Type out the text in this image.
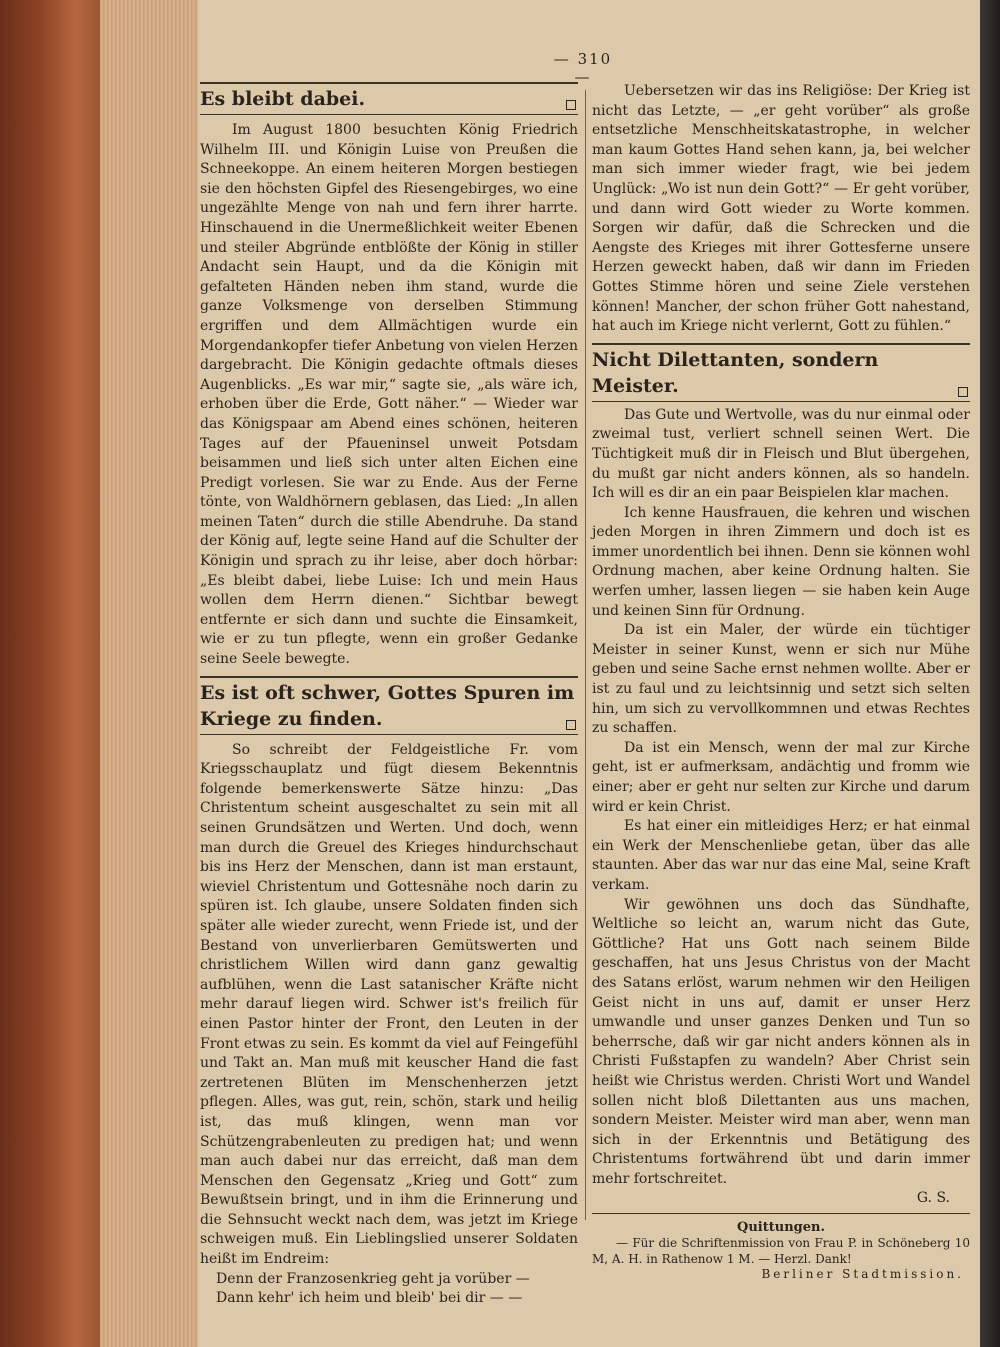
— 310 —
Es bleibt dabei.

Im August 1800 besuchten König Friedrich Wilhelm III. und Königin Luise von Preußen die Schneekoppe. An einem heiteren Morgen bestiegen sie den höchsten Gipfel des Riesengebirges, wo eine ungezählte Menge von nah und fern ihrer harrte. Hinschauend in die Unermeßlichkeit weiter Ebenen und steiler Abgründe entblößte der König in stiller Andacht sein Haupt, und da die Königin mit gefalteten Händen neben ihm stand, wurde die ganze Volksmenge von derselben Stimmung ergriffen und dem Allmächtigen wurde ein Morgendankopfer tiefer Anbetung von vielen Herzen dargebracht. Die Königin gedachte oftmals dieses Augenblicks. „Es war mir,“ sagte sie, „als wäre ich, erhoben über die Erde, Gott näher.“ — Wieder war das Königspaar am Abend eines schönen, heiteren Tages auf der Pfaueninsel unweit Potsdam beisammen und ließ sich unter alten Eichen eine Predigt vorlesen. Sie war zu Ende. Aus der Ferne tönte, von Waldhörnern geblasen, das Lied: „In allen meinen Taten“ durch die stille Abendruhe. Da stand der König auf, legte seine Hand auf die Schulter der Königin und sprach zu ihr leise, aber doch hörbar: „Es bleibt dabei, liebe Luise: Ich und mein Haus wollen dem Herrn dienen.“ Sichtbar bewegt entfernte er sich dann und suchte die Einsamkeit, wie er zu tun pflegte, wenn ein großer Gedanke seine Seele bewegte.

Es ist oft schwer, Gottes Spuren im Kriege zu finden.

So schreibt der Feldgeistliche Fr. vom Kriegsschauplatz und fügt diesem Bekenntnis folgende bemerkenswerte Sätze hinzu: „Das Christentum scheint ausgeschaltet zu sein mit all seinen Grundsätzen und Werten. Und doch, wenn man durch die Greuel des Krieges hindurchschaut bis ins Herz der Menschen, dann ist man erstaunt, wieviel Christentum und Gottesnähe noch darin zu spüren ist. Ich glaube, unsere Soldaten finden sich später alle wieder zurecht, wenn Friede ist, und der Bestand von unverlierbaren Gemütswerten und christlichem Willen wird dann ganz gewaltig aufblühen, wenn die Last satanischer Kräfte nicht mehr darauf liegen wird. Schwer ist's freilich für einen Pastor hinter der Front, den Leuten in der Front etwas zu sein. Es kommt da viel auf Feingefühl und Takt an. Man muß mit keuscher Hand die fast zertretenen Blüten im Menschenherzen jetzt pflegen. Alles, was gut, rein, schön, stark und heilig ist, das muß klingen, wenn man vor Schützengrabenleuten zu predigen hat; und wenn man auch dabei nur das erreicht, daß man dem Menschen den Gegensatz „Krieg und Gott“ zum Bewußtsein bringt, und in ihm die Erinnerung und die Sehnsucht weckt nach dem, was jetzt im Kriege schweigen muß. Ein Lieblingslied unserer Soldaten heißt im Endreim:

Denn der Franzosenkrieg geht ja vorüber —

Dann kehr' ich heim und bleib' bei dir — —

Uebersetzen wir das ins Religiöse: Der Krieg ist nicht das Letzte, — „er geht vorüber“ als große entsetzliche Menschheitskatastrophe, in welcher man kaum Gottes Hand sehen kann, ja, bei welcher man sich immer wieder fragt, wie bei jedem Unglück: „Wo ist nun dein Gott?“ — Er geht vorüber, und dann wird Gott wieder zu Worte kommen. Sorgen wir dafür, daß die Schrecken und die Aengste des Krieges mit ihrer Gottesferne unsere Herzen geweckt haben, daß wir dann im Frieden Gottes Stimme hören und seine Ziele verstehen können! Mancher, der schon früher Gott nahestand, hat auch im Kriege nicht verlernt, Gott zu fühlen.“

Nicht Dilettanten, sondern Meister.

Das Gute und Wertvolle, was du nur einmal oder zweimal tust, verliert schnell seinen Wert. Die Tüchtigkeit muß dir in Fleisch und Blut übergehen, du mußt gar nicht anders können, als so handeln. Ich will es dir an ein paar Beispielen klar machen.

Ich kenne Hausfrauen, die kehren und wischen jeden Morgen in ihren Zimmern und doch ist es immer unordentlich bei ihnen. Denn sie können wohl Ordnung machen, aber keine Ordnung halten. Sie werfen umher, lassen liegen — sie haben kein Auge und keinen Sinn für Ordnung.

Da ist ein Maler, der würde ein tüchtiger Meister in seiner Kunst, wenn er sich nur Mühe geben und seine Sache ernst nehmen wollte. Aber er ist zu faul und zu leichtsinnig und setzt sich selten hin, um sich zu vervollkommnen und etwas Rechtes zu schaffen.

Da ist ein Mensch, wenn der mal zur Kirche geht, ist er aufmerksam, andächtig und fromm wie einer; aber er geht nur selten zur Kirche und darum wird er kein Christ.

Es hat einer ein mitleidiges Herz; er hat einmal ein Werk der Menschenliebe getan, über das alle staunten. Aber das war nur das eine Mal, seine Kraft verkam.

Wir gewöhnen uns doch das Sündhafte, Weltliche so leicht an, warum nicht das Gute, Göttliche? Hat uns Gott nach seinem Bilde geschaffen, hat uns Jesus Christus von der Macht des Satans erlöst, warum nehmen wir den Heiligen Geist nicht in uns auf, damit er unser Herz umwandle und unser ganzes Denken und Tun so beherrsche, daß wir gar nicht anders können als in Christi Fußstapfen zu wandeln? Aber Christ sein heißt wie Christus werden. Christi Wort und Wandel sollen nicht bloß Dilettanten aus uns machen, sondern Meister. Meister wird man aber, wenn man sich in der Erkenntnis und Betätigung des Christentums fortwährend übt und darin immer mehr fortschreitet.

G. S.

Quittungen.

— Für die Schriftenmission von Frau P. in Schöneberg 10 M, A. H. in Rathenow 1 M. — Herzl. Dank!

Berliner Stadtmission.
